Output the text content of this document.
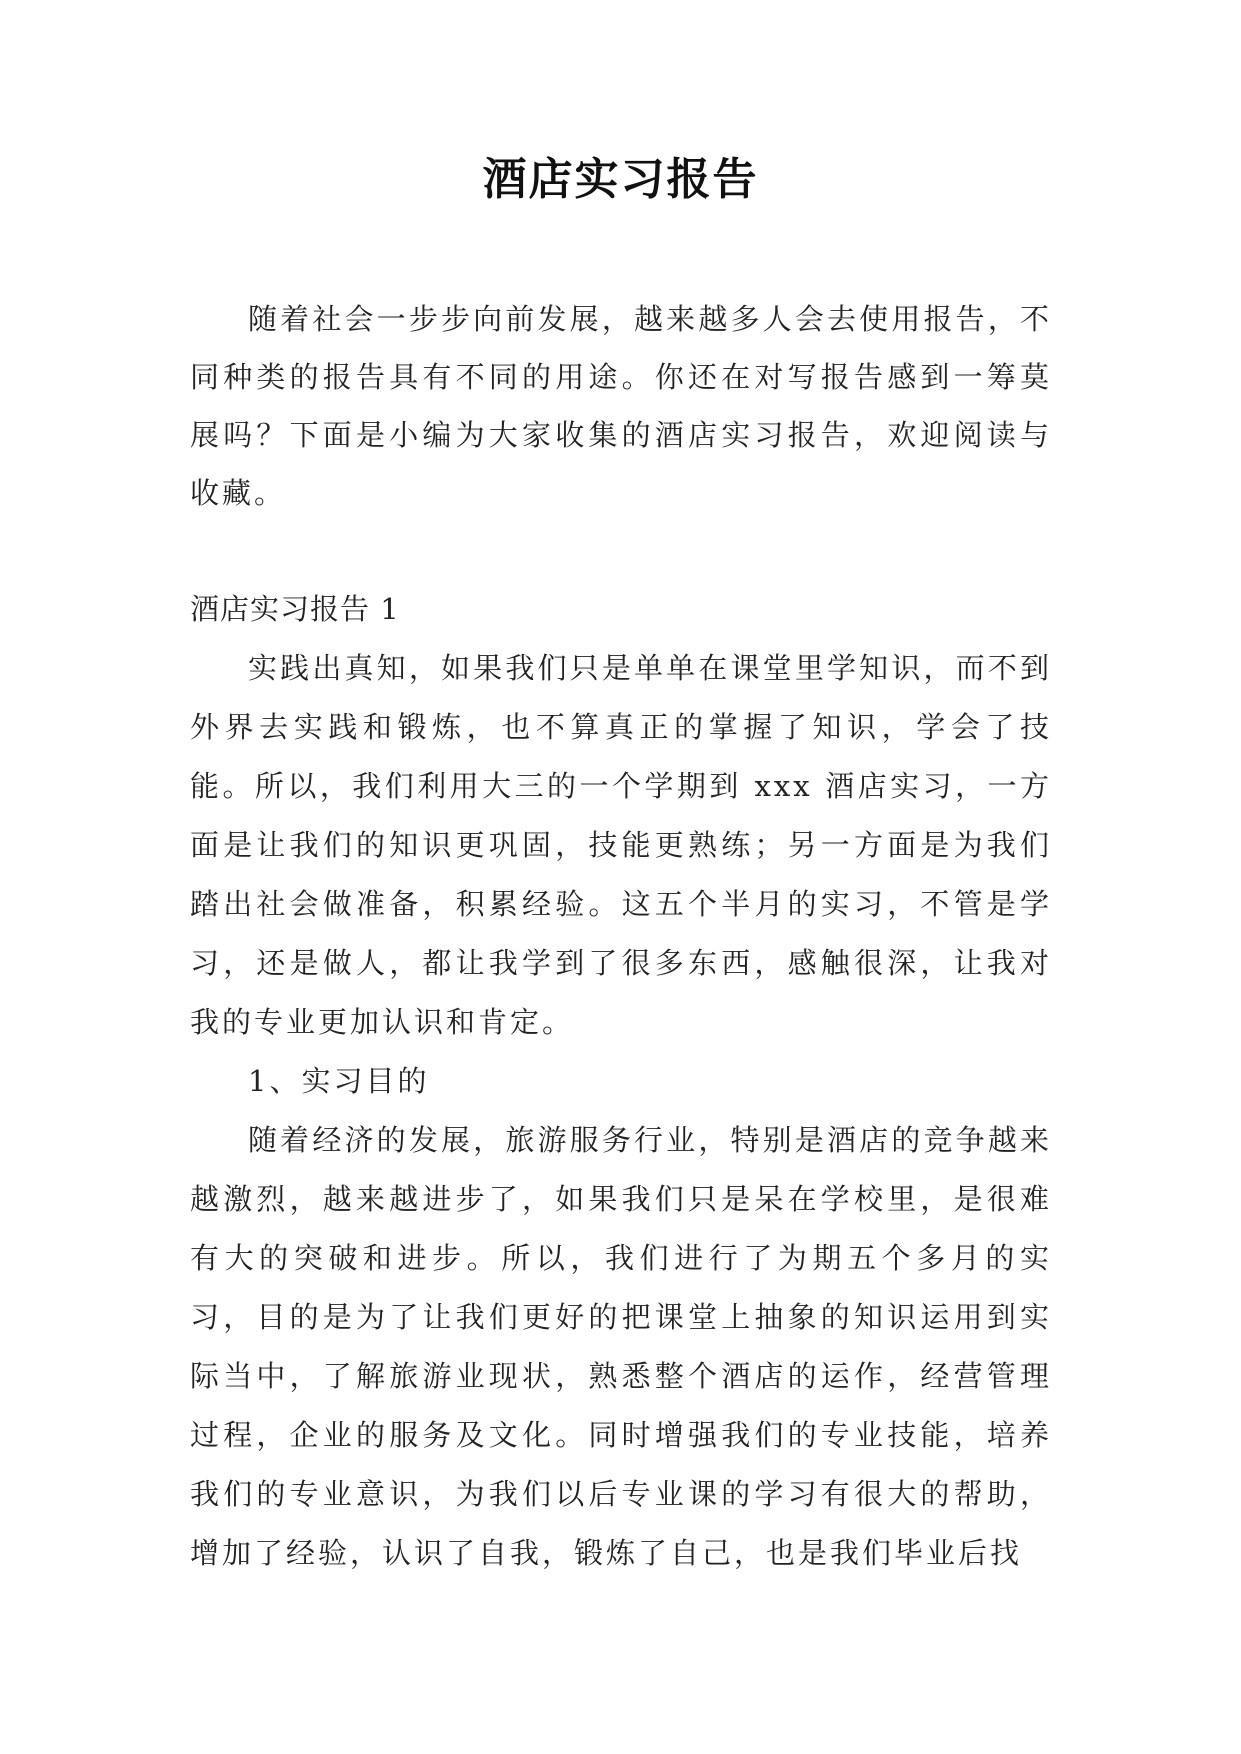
酒店实习报告

随着社会一步步向前发展，越来越多人会去使用报告，不同种类的报告具有不同的用途。你还在对写报告感到一筹莫展吗？下面是小编为大家收集的酒店实习报告，欢迎阅读与收藏。

酒店实习报告 1

实践出真知，如果我们只是单单在课堂里学知识，而不到外界去实践和锻炼，也不算真正的掌握了知识，学会了技能。所以，我们利用大三的一个学期到 xxx 酒店实习，一方面是让我们的知识更巩固，技能更熟练；另一方面是为我们踏出社会做准备，积累经验。这五个半月的实习，不管是学习，还是做人，都让我学到了很多东西，感触很深，让我对我的专业更加认识和肯定。

1、实习目的

随着经济的发展，旅游服务行业，特别是酒店的竞争越来越激烈，越来越进步了，如果我们只是呆在学校里，是很难有大的突破和进步。所以，我们进行了为期五个多月的实习，目的是为了让我们更好的把课堂上抽象的知识运用到实际当中，了解旅游业现状，熟悉整个酒店的运作，经营管理过程，企业的服务及文化。同时增强我们的专业技能，培养我们的专业意识，为我们以后专业课的学习有很大的帮助，增加了经验，认识了自我，锻炼了自己，也是我们毕业后找
